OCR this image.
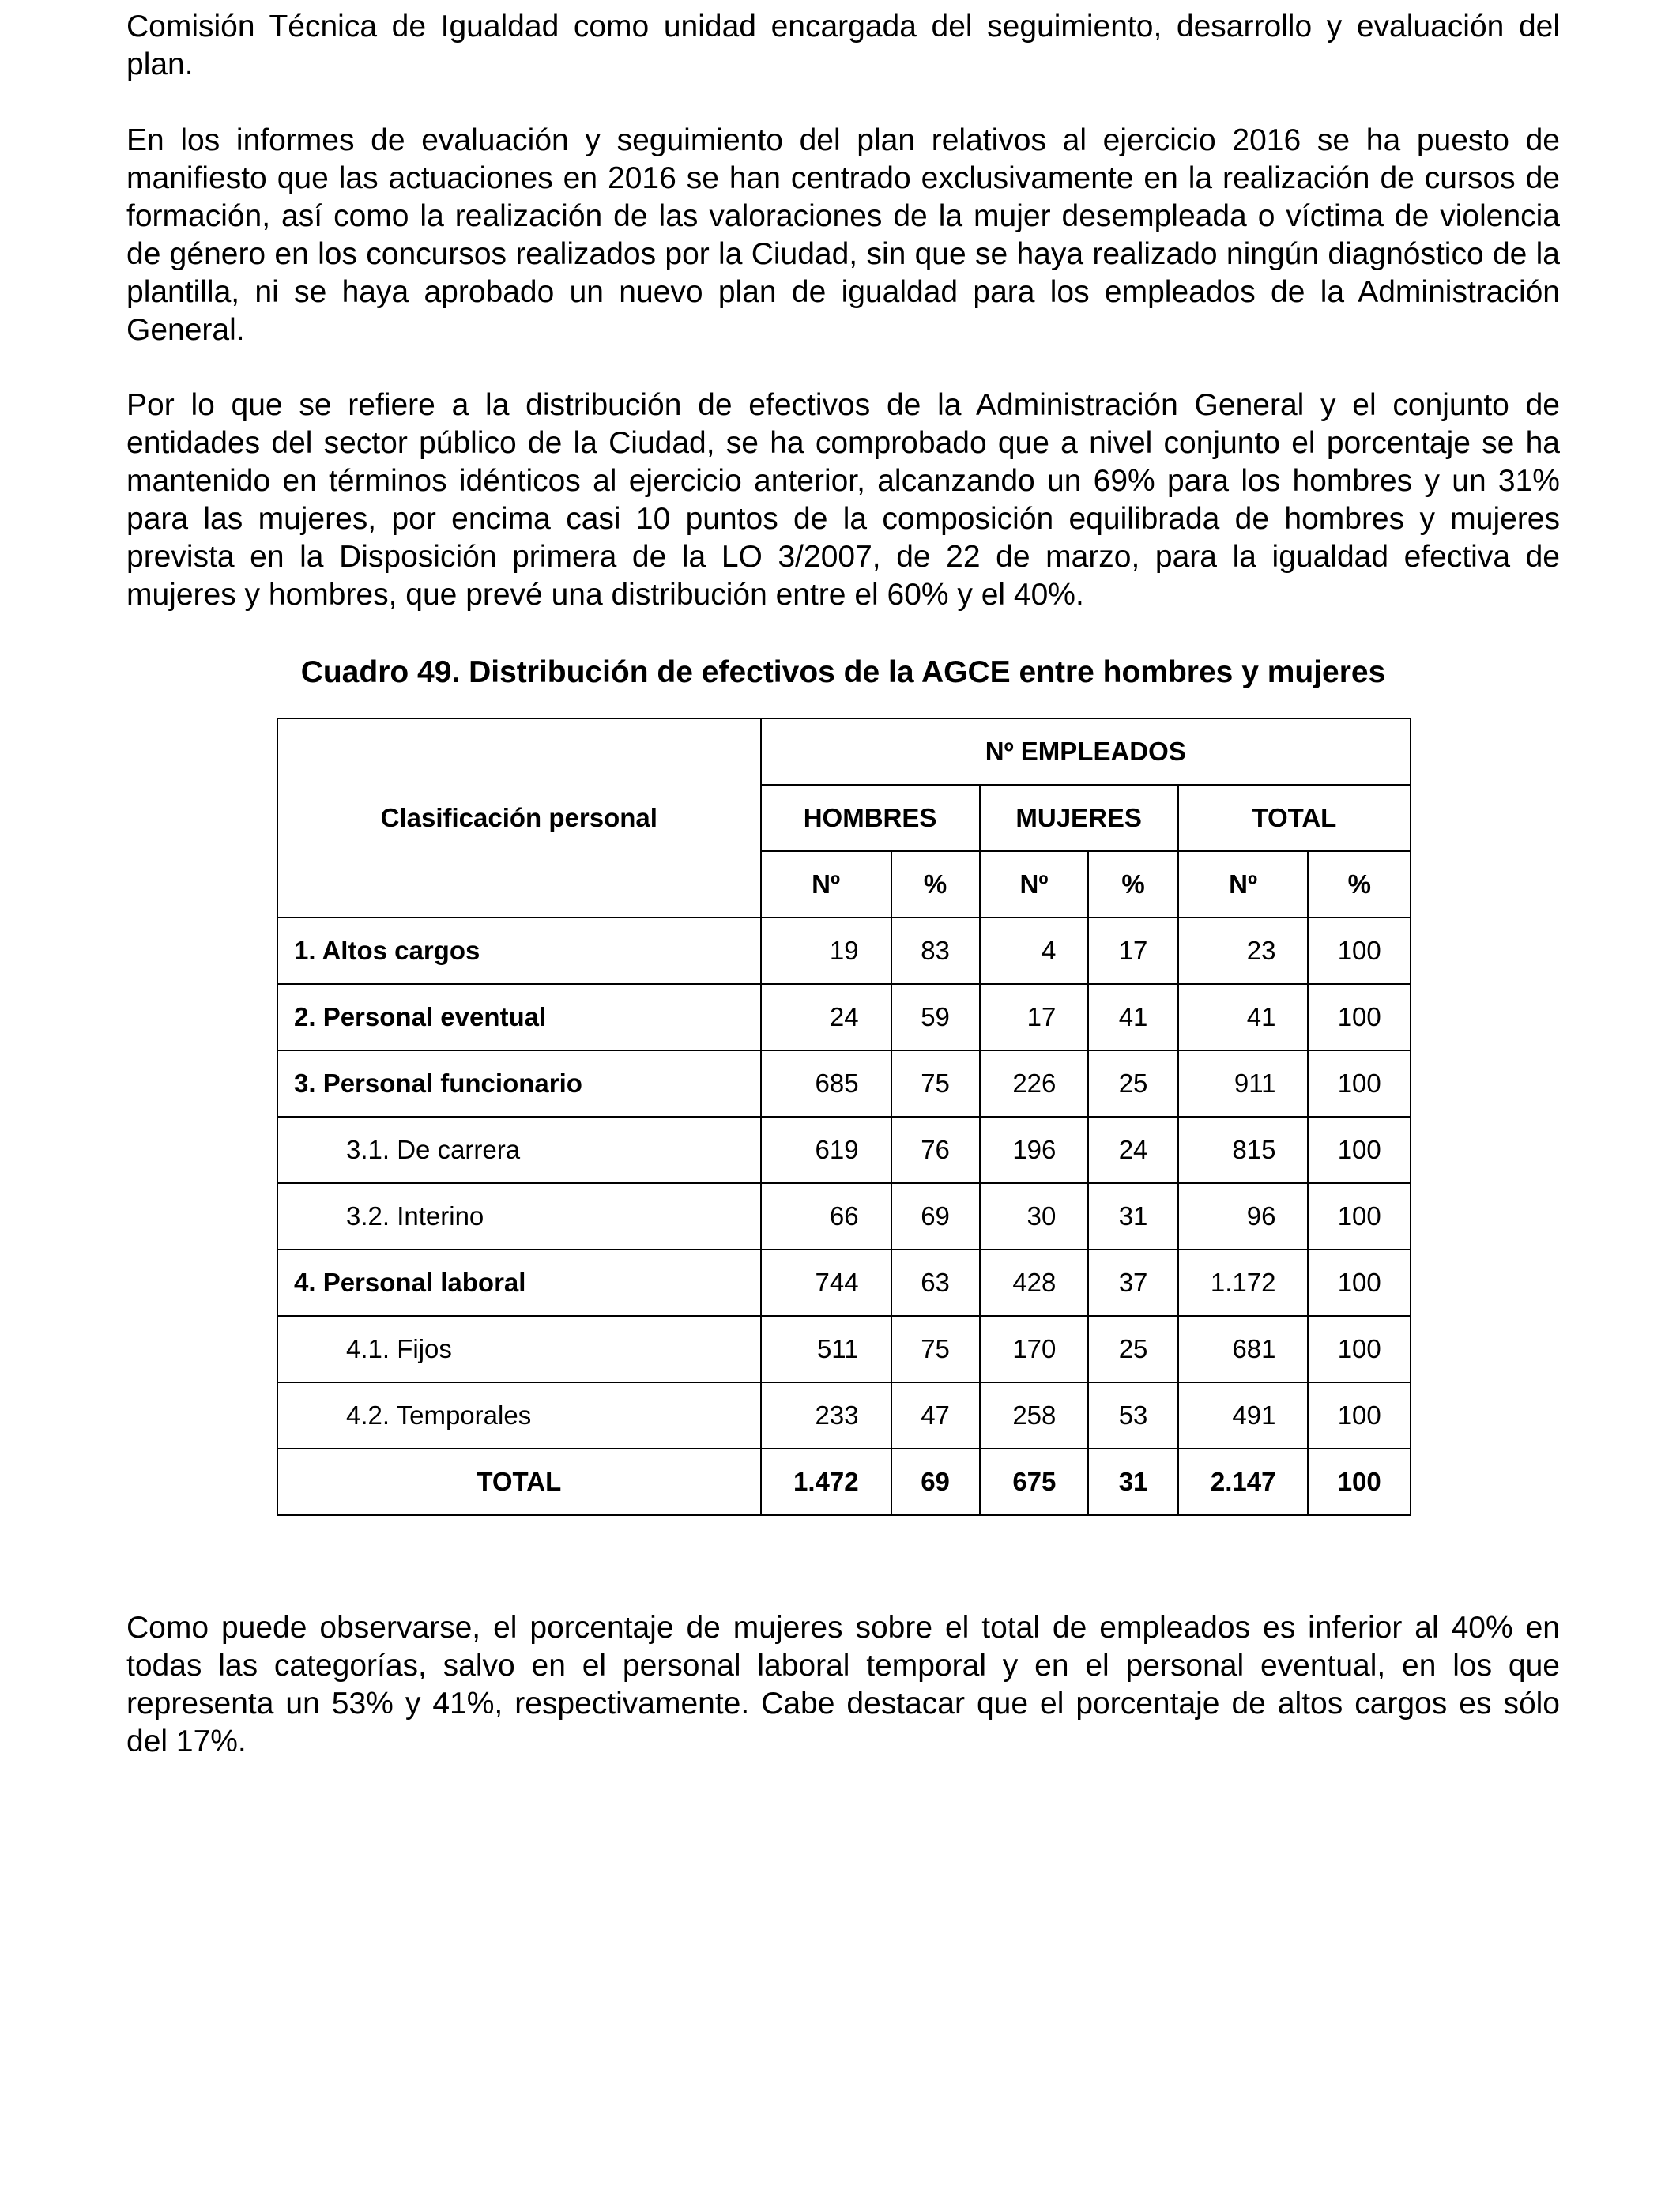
Comisión Técnica de Igualdad como unidad encargada del seguimiento, desarrollo y evaluación del plan.

En los informes de evaluación y seguimiento del plan relativos al ejercicio 2016 se ha puesto de manifiesto que las actuaciones en 2016 se han centrado exclusivamente en la realización de cursos de formación, así como la realización de las valoraciones de la mujer desempleada o víctima de violencia de género en los concursos realizados por la Ciudad, sin que se haya realizado ningún diagnóstico de la plantilla, ni se haya aprobado un nuevo plan de igualdad para los empleados de la Administración General.

Por lo que se refiere a la distribución de efectivos de la Administración General y el conjunto de entidades del sector público de la Ciudad, se ha comprobado que a nivel conjunto el porcentaje se ha mantenido en términos idénticos al ejercicio anterior, alcanzando un 69% para los hombres y un 31% para las mujeres, por encima casi 10 puntos de la composición equilibrada de hombres y mujeres prevista en la Disposición primera de la LO 3/2007, de 22 de marzo, para la igualdad efectiva de mujeres y hombres, que prevé una distribución entre el 60% y el 40%.

Cuadro 49. Distribución de efectivos de la AGCE entre hombres y mujeres

Clasificación personal	Nº EMPLEADOS					
	HOMBRES		MUJERES		TOTAL	
	Nº	%	Nº	%	Nº	%
1. Altos cargos	19	83	4	17	23	100
2. Personal eventual	24	59	17	41	41	100
3. Personal funcionario	685	75	226	25	911	100
3.1. De carrera	619	76	196	24	815	100
3.2. Interino	66	69	30	31	96	100
4. Personal laboral	744	63	428	37	1.172	100
4.1. Fijos	511	75	170	25	681	100
4.2. Temporales	233	47	258	53	491	100
TOTAL	1.472	69	675	31	2.147	100

Como puede observarse, el porcentaje de mujeres sobre el total de empleados es inferior al 40% en todas las categorías, salvo en el personal laboral temporal y en el personal eventual, en los que representa un 53% y 41%, respectivamente. Cabe destacar que el porcentaje de altos cargos es sólo del 17%.
